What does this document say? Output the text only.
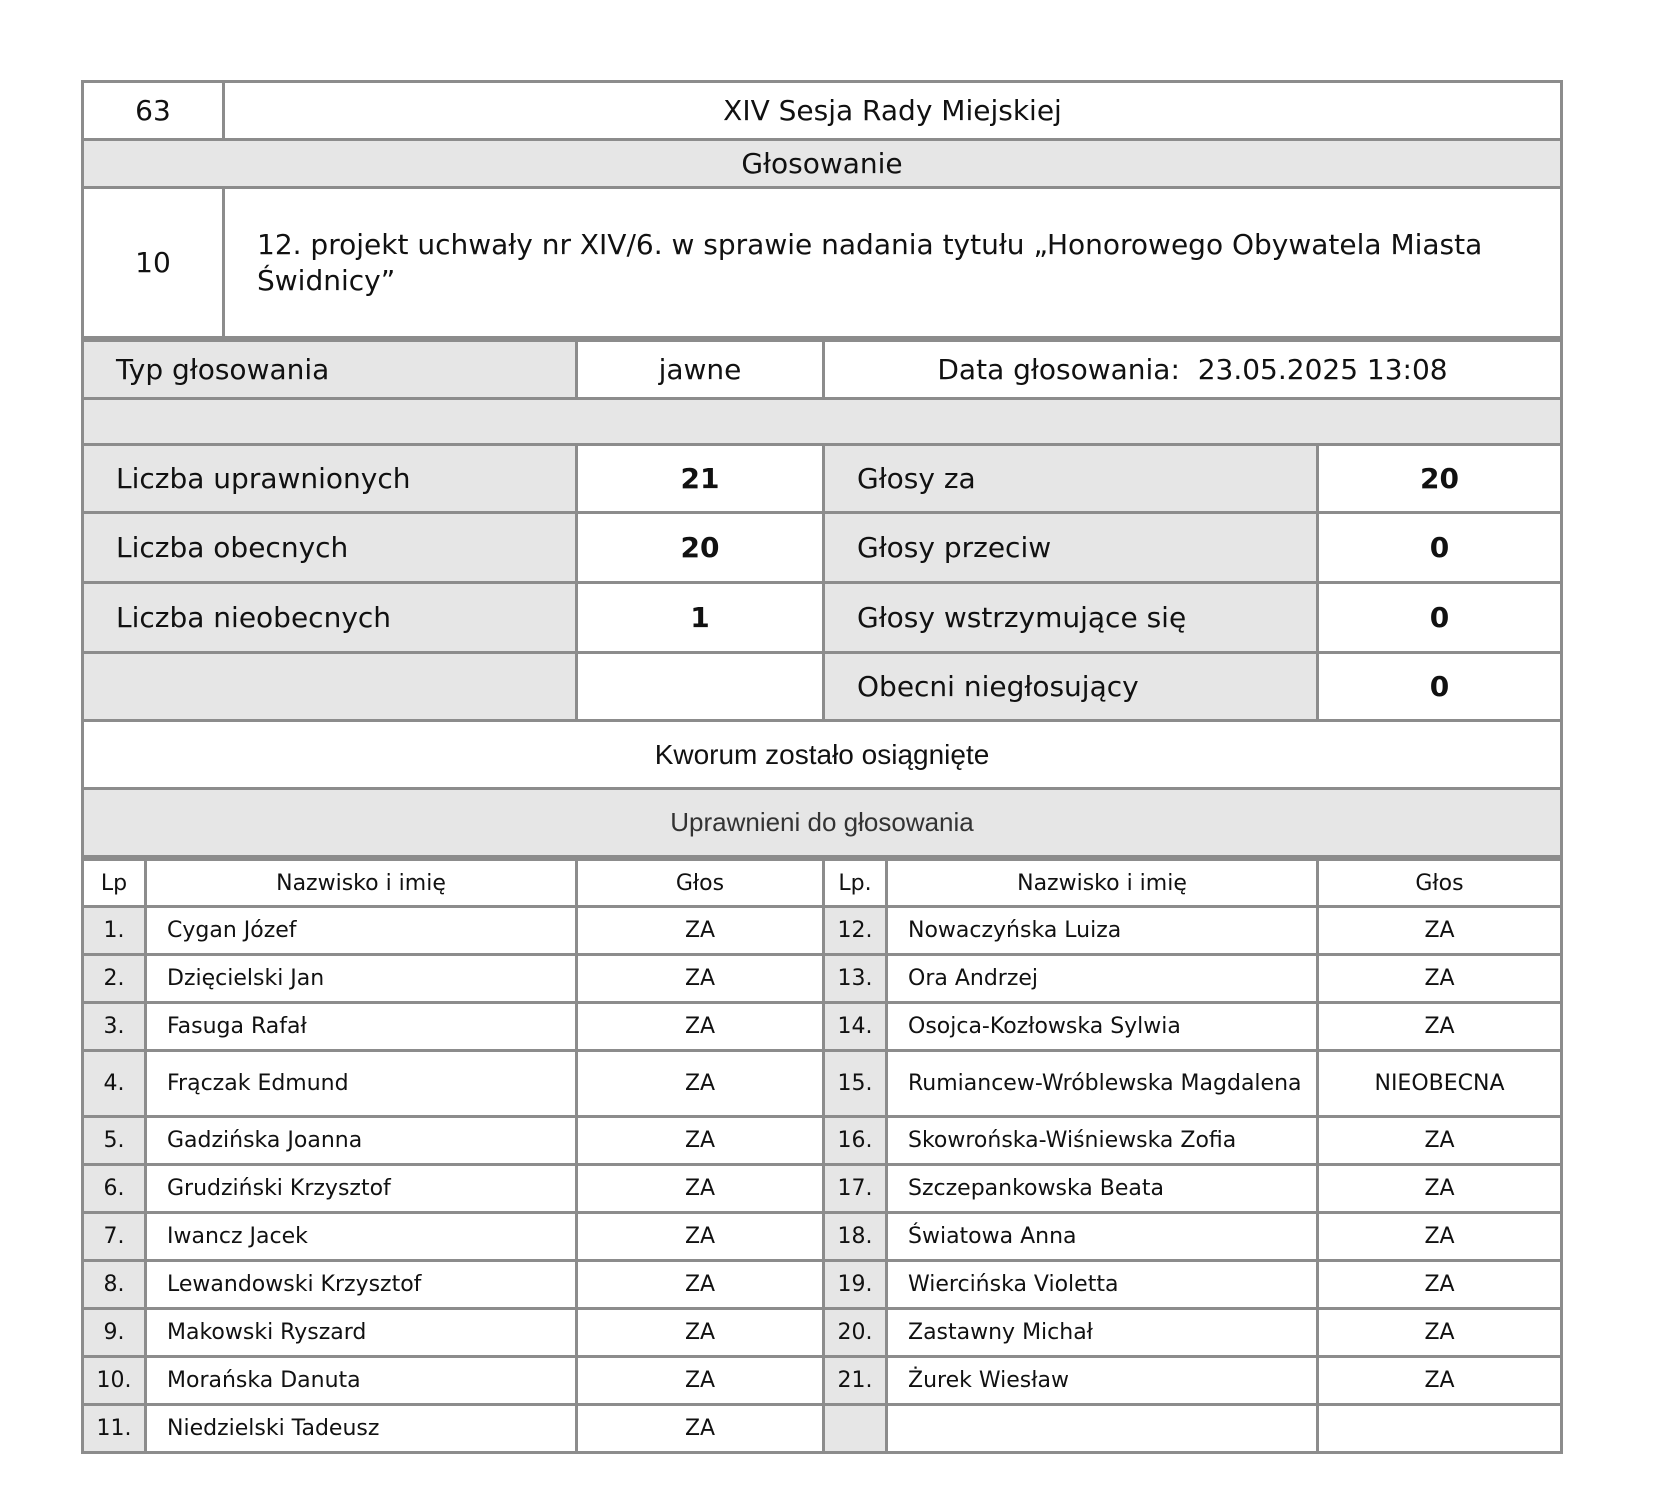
63	XIV Sesja Rady Miejskiej
Głosowanie	
10	12. projekt uchwały nr XIV/6. w sprawie nadania tytułu „Honorowego Obywatela Miasta Świdnicy”
Typ głosowania	jawne	Data głosowania: 23.05.2025 13:08	

Liczba uprawnionych	21	Głosy za	20
Liczba obecnych	20	Głosy przeciw	0
Liczba nieobecnych	1	Głosy wstrzymujące się	0
		Obecni niegłosujący	0
Kworum zostało osiągnięte			
Uprawnieni do głosowania			
Lp	Nazwisko i imię	Głos	Lp.	Nazwisko i imię	Głos
1.	Cygan Józef	ZA	12.	Nowaczyńska Luiza	ZA
2.	Dzięcielski Jan	ZA	13.	Ora Andrzej	ZA
3.	Fasuga Rafał	ZA	14.	Osojca-Kozłowska Sylwia	ZA
4.	Frączak Edmund	ZA	15.	Rumiancew-Wróblewska Magdalena	NIEOBECNA
5.	Gadzińska Joanna	ZA	16.	Skowrońska-Wiśniewska Zofia	ZA
6.	Grudziński Krzysztof	ZA	17.	Szczepankowska Beata	ZA
7.	Iwancz Jacek	ZA	18.	Światowa Anna	ZA
8.	Lewandowski Krzysztof	ZA	19.	Wiercińska Violetta	ZA
9.	Makowski Ryszard	ZA	20.	Zastawny Michał	ZA
10.	Morańska Danuta	ZA	21.	Żurek Wiesław	ZA
11.	Niedzielski Tadeusz	ZA			
